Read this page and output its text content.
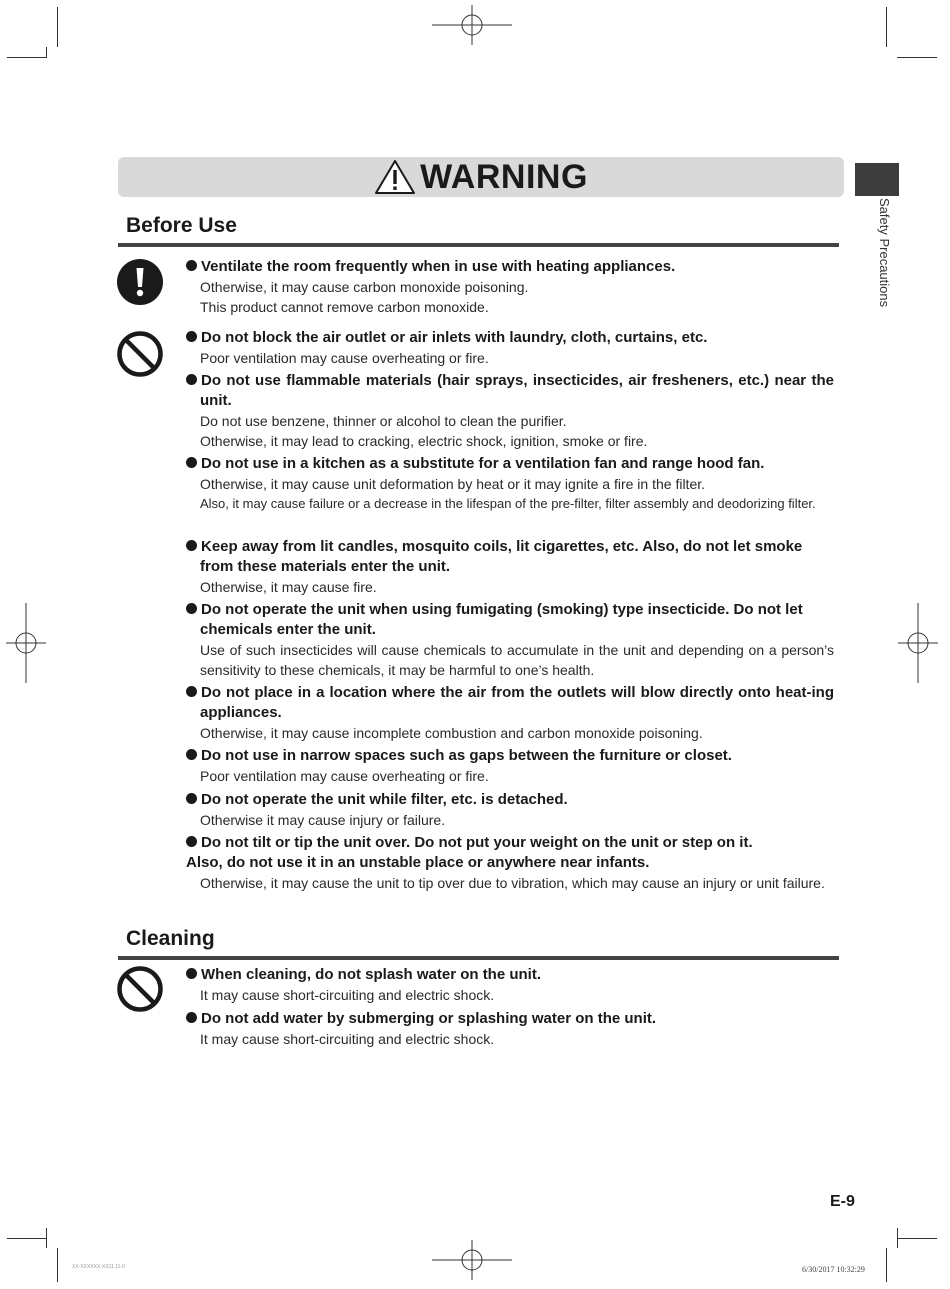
WARNING
Safety Precautions
Before Use

Ventilate the room frequently when in use with heating appliances.

Otherwise, it may cause carbon monoxide poisoning.

This product cannot remove carbon monoxide.

Do not block the air outlet or air inlets with laundry, cloth, curtains, etc.

Poor ventilation may cause overheating or fire.

Do not use flammable materials (hair sprays, insecticides, air fresheners, etc.) near the unit.

Do not use benzene, thinner or alcohol to clean the purifier.

Otherwise, it may lead to cracking, electric shock, ignition, smoke or fire.

Do not use in a kitchen as a substitute for a ventilation fan and range hood fan.

Otherwise, it may cause unit deformation by heat or it may ignite a fire in the filter.

Also, it may cause failure or a decrease in the lifespan of the pre-filter, filter assembly and deodorizing filter.

Keep away from lit candles, mosquito coils, lit cigarettes, etc. Also, do not let smoke from these materials enter the unit.

Otherwise, it may cause fire.

Do not operate the unit when using fumigating (smoking) type insecticide. Do not let chemicals enter the unit.

Use of such insecticides will cause chemicals to accumulate in the unit and depending on a person’s sensitivity to these chemicals, it may be harmful to one’s health.

Do not place in a location where the air from the outlets will blow directly onto heat-ing appliances.

Otherwise, it may cause incomplete combustion and carbon monoxide poisoning.

Do not use in narrow spaces such as gaps between the furniture or closet.

Poor ventilation may cause overheating or fire.

Do not operate the unit while filter, etc. is detached.

Otherwise it may cause injury or failure.

Do not tilt or tip the unit over. Do not put your weight on the unit or step on it.

Also, do not use it in an unstable place or anywhere near infants.

Otherwise, it may cause the unit to tip over due to vibration, which may cause an injury or unit failure.

Cleaning

When cleaning, do not splash water on the unit.

It may cause short-circuiting and electric shock.

Do not add water by submerging or splashing water on the unit.

It may cause short-circuiting and electric shock.

E-9
6/30/2017 10:32:29
XX-XXXXXX-XX11 11-0
